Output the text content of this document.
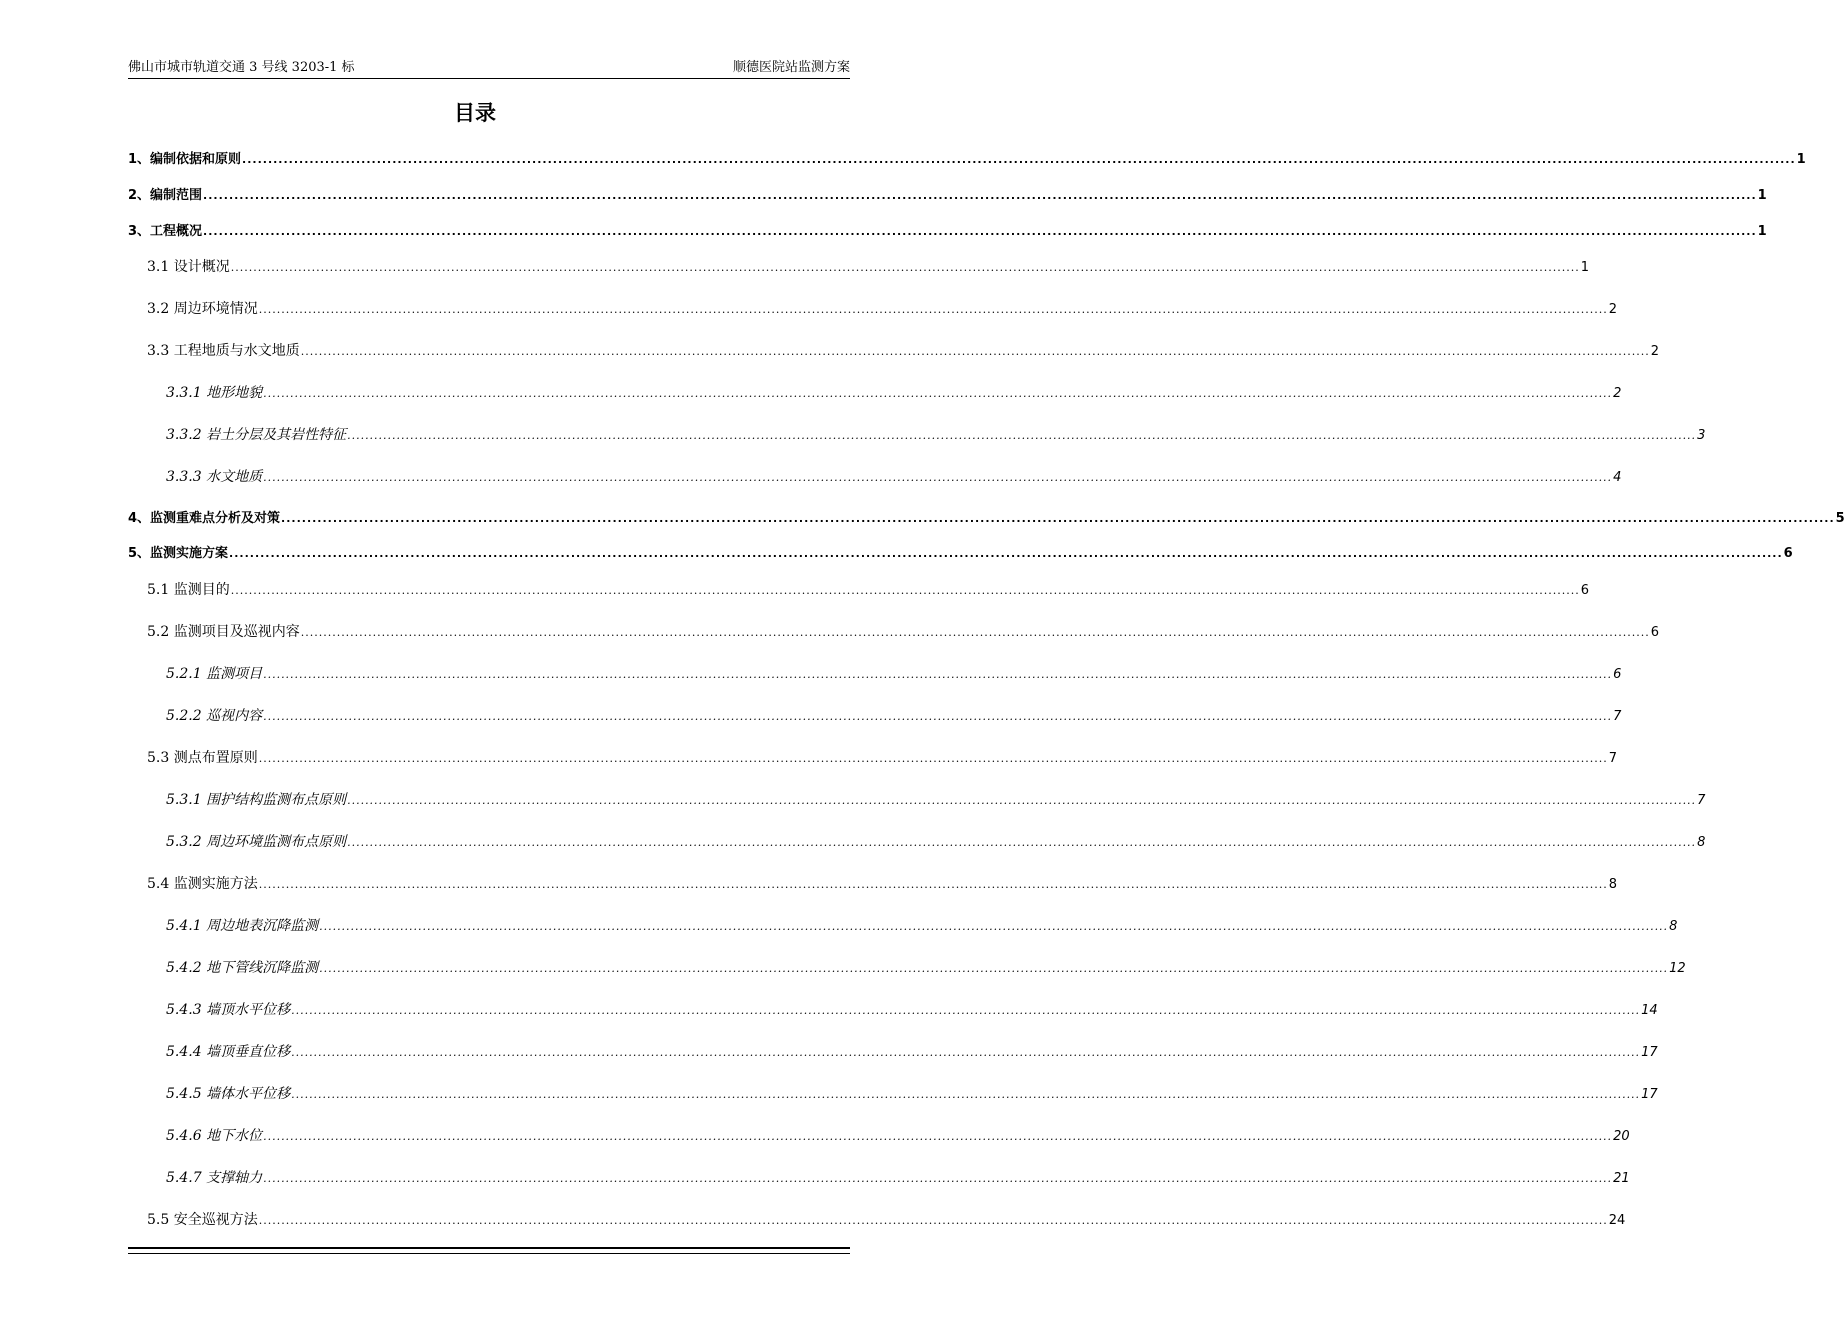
佛山市城市轨道交通 3 号线 3203-1 标	顺德医院站监测方案
目录
1、编制依据和原则 ............................................................................................................................................................................................................................................................................................................ 1
2、编制范围 ............................................................................................................................................................................................................................................................................................................ 1
3、工程概况 ............................................................................................................................................................................................................................................................................................................ 1
3.1 设计概况 ............................................................................................................................................................................................................................................................................................................ 1
3.2 周边环境情况 ............................................................................................................................................................................................................................................................................................................ 2
3.3 工程地质与水文地质 ............................................................................................................................................................................................................................................................................................................ 2
3.3.1 地形地貌 ............................................................................................................................................................................................................................................................................................................ 2
3.3.2 岩土分层及其岩性特征 ............................................................................................................................................................................................................................................................................................................ 3
3.3.3 水文地质 ............................................................................................................................................................................................................................................................................................................ 4
4、监测重难点分析及对策 ............................................................................................................................................................................................................................................................................................................ 5
5、监测实施方案 ............................................................................................................................................................................................................................................................................................................ 6
5.1 监测目的 ............................................................................................................................................................................................................................................................................................................ 6
5.2 监测项目及巡视内容 ............................................................................................................................................................................................................................................................................................................ 6
5.2.1 监测项目 ............................................................................................................................................................................................................................................................................................................ 6
5.2.2 巡视内容 ............................................................................................................................................................................................................................................................................................................ 7
5.3 测点布置原则 ............................................................................................................................................................................................................................................................................................................ 7
5.3.1 围护结构监测布点原则 ............................................................................................................................................................................................................................................................................................................ 7
5.3.2 周边环境监测布点原则 ............................................................................................................................................................................................................................................................................................................ 8
5.4 监测实施方法 ............................................................................................................................................................................................................................................................................................................ 8
5.4.1 周边地表沉降监测 ............................................................................................................................................................................................................................................................................................................ 8
5.4.2 地下管线沉降监测 ............................................................................................................................................................................................................................................................................................................ 12
5.4.3 墙顶水平位移 ............................................................................................................................................................................................................................................................................................................ 14
5.4.4 墙顶垂直位移 ............................................................................................................................................................................................................................................................................................................ 17
5.4.5 墙体水平位移 ............................................................................................................................................................................................................................................................................................................ 17
5.4.6 地下水位 ............................................................................................................................................................................................................................................................................................................ 20
5.4.7 支撑轴力 ............................................................................................................................................................................................................................................................................................................ 21
5.5 安全巡视方法 ............................................................................................................................................................................................................................................................................................................ 24
